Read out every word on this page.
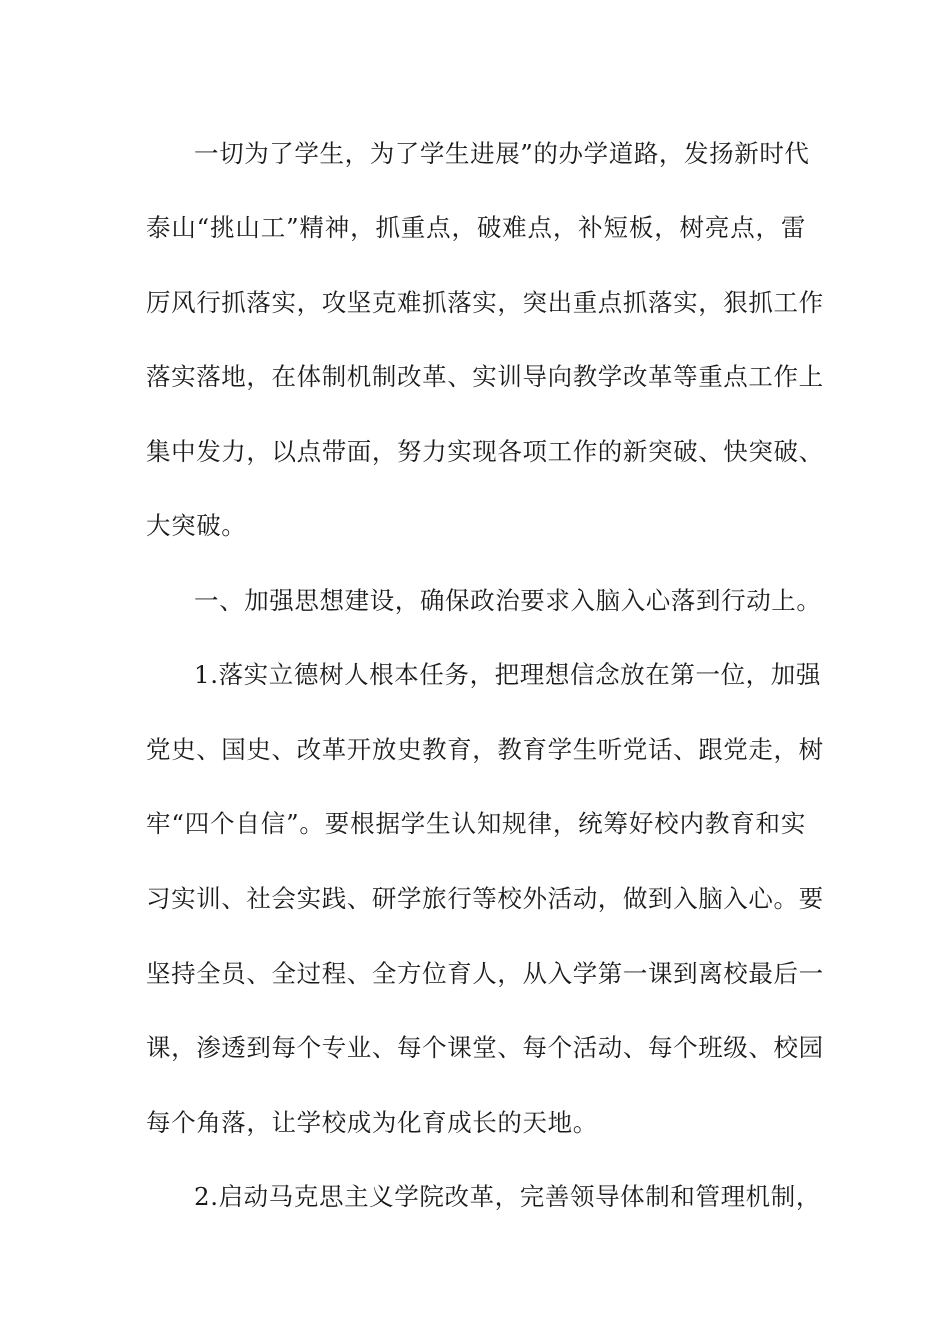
一切为了学生，为了学生进展”的办学道路，发扬新时代
泰山“挑山工”精神，抓重点，破难点，补短板，树亮点，雷
厉风行抓落实，攻坚克难抓落实，突出重点抓落实，狠抓工作
落实落地，在体制机制改革、实训导向教学改革等重点工作上
集中发力，以点带面，努力实现各项工作的新突破、快突破、
大突破。
一、加强思想建设，确保政治要求入脑入心落到行动上。
1.落实立德树人根本任务，把理想信念放在第一位，加强
党史、国史、改革开放史教育，教育学生听党话、跟党走，树
牢“四个自信”。要根据学生认知规律，统筹好校内教育和实
习实训、社会实践、研学旅行等校外活动，做到入脑入心。要
坚持全员、全过程、全方位育人，从入学第一课到离校最后一
课，渗透到每个专业、每个课堂、每个活动、每个班级、校园
每个角落，让学校成为化育成长的天地。
2.启动马克思主义学院改革，完善领导体制和管理机制，
